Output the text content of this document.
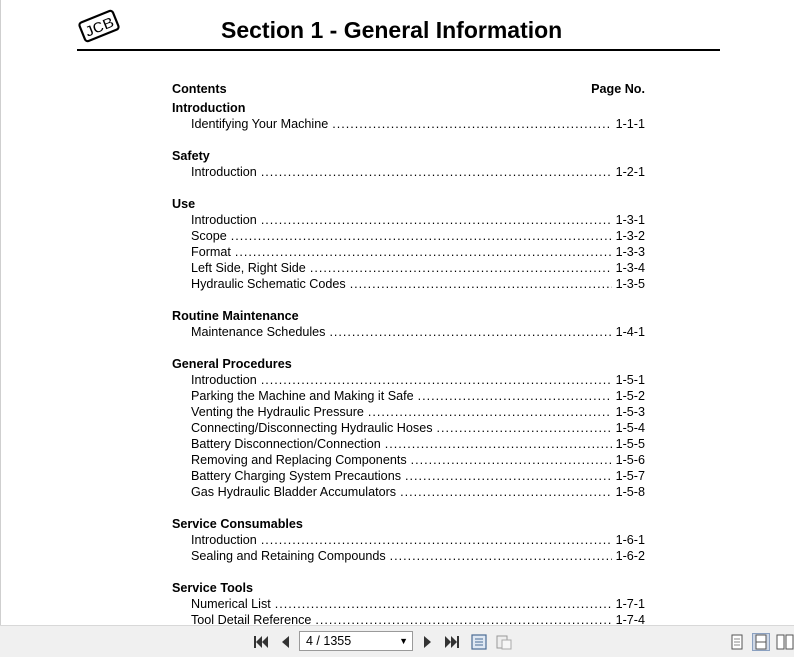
JCB	Section 1 - General Information
Contents	Page No.
Introduction
Identifying Your Machine .....	1-1-1
Safety
Introduction .....	1-2-1
Use
Introduction .....	1-3-1
Scope .....	1-3-2
Format .....	1-3-3
Left Side, Right Side .....	1-3-4
Hydraulic Schematic Codes .....	1-3-5
Routine Maintenance
Maintenance Schedules .....	1-4-1
General Procedures
Introduction .....	1-5-1
Parking the Machine and Making it Safe .....	1-5-2
Venting the Hydraulic Pressure .....	1-5-3
Connecting/Disconnecting Hydraulic Hoses .....	1-5-4
Battery Disconnection/Connection .....	1-5-5
Removing and Replacing Components .....	1-5-6
Battery Charging System Precautions .....	1-5-7
Gas Hydraulic Bladder Accumulators .....	1-5-8
Service Consumables
Introduction .....	1-6-1
Sealing and Retaining Compounds .....	1-6-2
Service Tools
Numerical List .....	1-7-1
Tool Detail Reference .....	1-7-4
4 / 1355	▼
